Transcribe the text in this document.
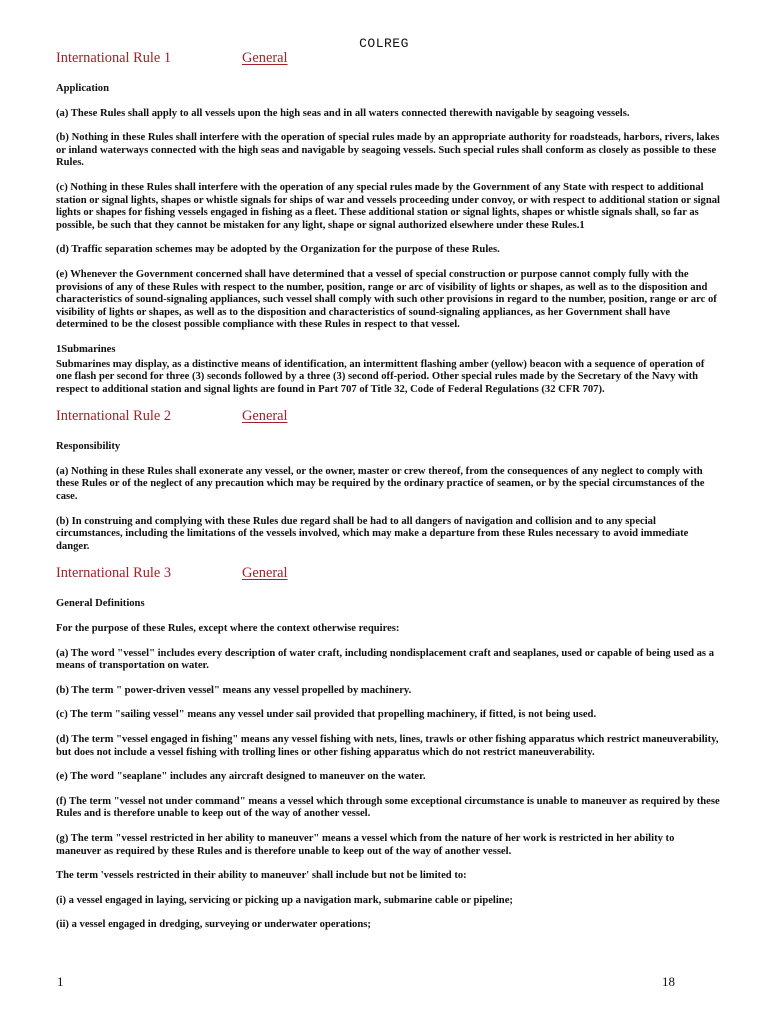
COLREG
International Rule 1	General
Application
(a) These Rules shall apply to all vessels upon the high seas and in all waters connected therewith navigable by seagoing vessels.
(b) Nothing in these Rules shall interfere with the operation of special rules made by an appropriate authority for roadsteads, harbors, rivers, lakes or inland waterways connected with the high seas and navigable by seagoing vessels. Such special rules shall conform as closely as possible to these Rules.
(c) Nothing in these Rules shall interfere with the operation of any special rules made by the Government of any State with respect to additional station or signal lights, shapes or whistle signals for ships of war and vessels proceeding under convoy, or with respect to additional station or signal lights or shapes for fishing vessels engaged in fishing as a fleet. These additional station or signal lights, shapes or whistle signals shall, so far as possible, be such that they cannot be mistaken for any light, shape or signal authorized elsewhere under these Rules.1
(d) Traffic separation schemes may be adopted by the Organization for the purpose of these Rules.
(e) Whenever the Government concerned shall have determined that a vessel of special construction or purpose cannot comply fully with the provisions of any of these Rules with respect to the number, position, range or arc of visibility of lights or shapes, as well as to the disposition and characteristics of sound-signaling appliances, such vessel shall comply with such other provisions in regard to the number, position, range or arc of visibility of lights or shapes, as well as to the disposition and characteristics of sound-signaling appliances, as her Government shall have determined to be the closest possible compliance with these Rules in respect to that vessel.
1Submarines
Submarines may display, as a distinctive means of identification, an intermittent flashing amber (yellow) beacon with a sequence of operation of one flash per second for three (3) seconds followed by a three (3) second off-period. Other special rules made by the Secretary of the Navy with respect to additional station and signal lights are found in Part 707 of Title 32, Code of Federal Regulations (32 CFR 707).
International Rule 2	General
Responsibility
(a) Nothing in these Rules shall exonerate any vessel, or the owner, master or crew thereof, from the consequences of any neglect to comply with these Rules or of the neglect of any precaution which may be required by the ordinary practice of seamen, or by the special circumstances of the case.
(b) In construing and complying with these Rules due regard shall be had to all dangers of navigation and collision and to any special circumstances, including the limitations of the vessels involved, which may make a departure from these Rules necessary to avoid immediate danger.
International Rule 3	General
General Definitions
For the purpose of these Rules, except where the context otherwise requires:
(a) The word "vessel" includes every description of water craft, including nondisplacement craft and seaplanes, used or capable of being used as a means of transportation on water.
(b) The term " power-driven vessel" means any vessel propelled by machinery.
(c) The term "sailing vessel" means any vessel under sail provided that propelling machinery, if fitted, is not being used.
(d) The term "vessel engaged in fishing" means any vessel fishing with nets, lines, trawls or other fishing apparatus which restrict maneuverability, but does not include a vessel fishing with trolling lines or other fishing apparatus which do not restrict maneuverability.
(e) The word "seaplane" includes any aircraft designed to maneuver on the water.
(f) The term "vessel not under command" means a vessel which through some exceptional circumstance is unable to maneuver as required by these Rules and is therefore unable to keep out of the way of another vessel.
(g) The term "vessel restricted in her ability to maneuver" means a vessel which from the nature of her work is restricted in her ability to maneuver as required by these Rules and is therefore unable to keep out of the way of another vessel.
The term 'vessels restricted in their ability to maneuver' shall include but not be limited to:
(i) a vessel engaged in laying, servicing or picking up a navigation mark, submarine cable or pipeline;
(ii) a vessel engaged in dredging, surveying or underwater operations;
1	18
